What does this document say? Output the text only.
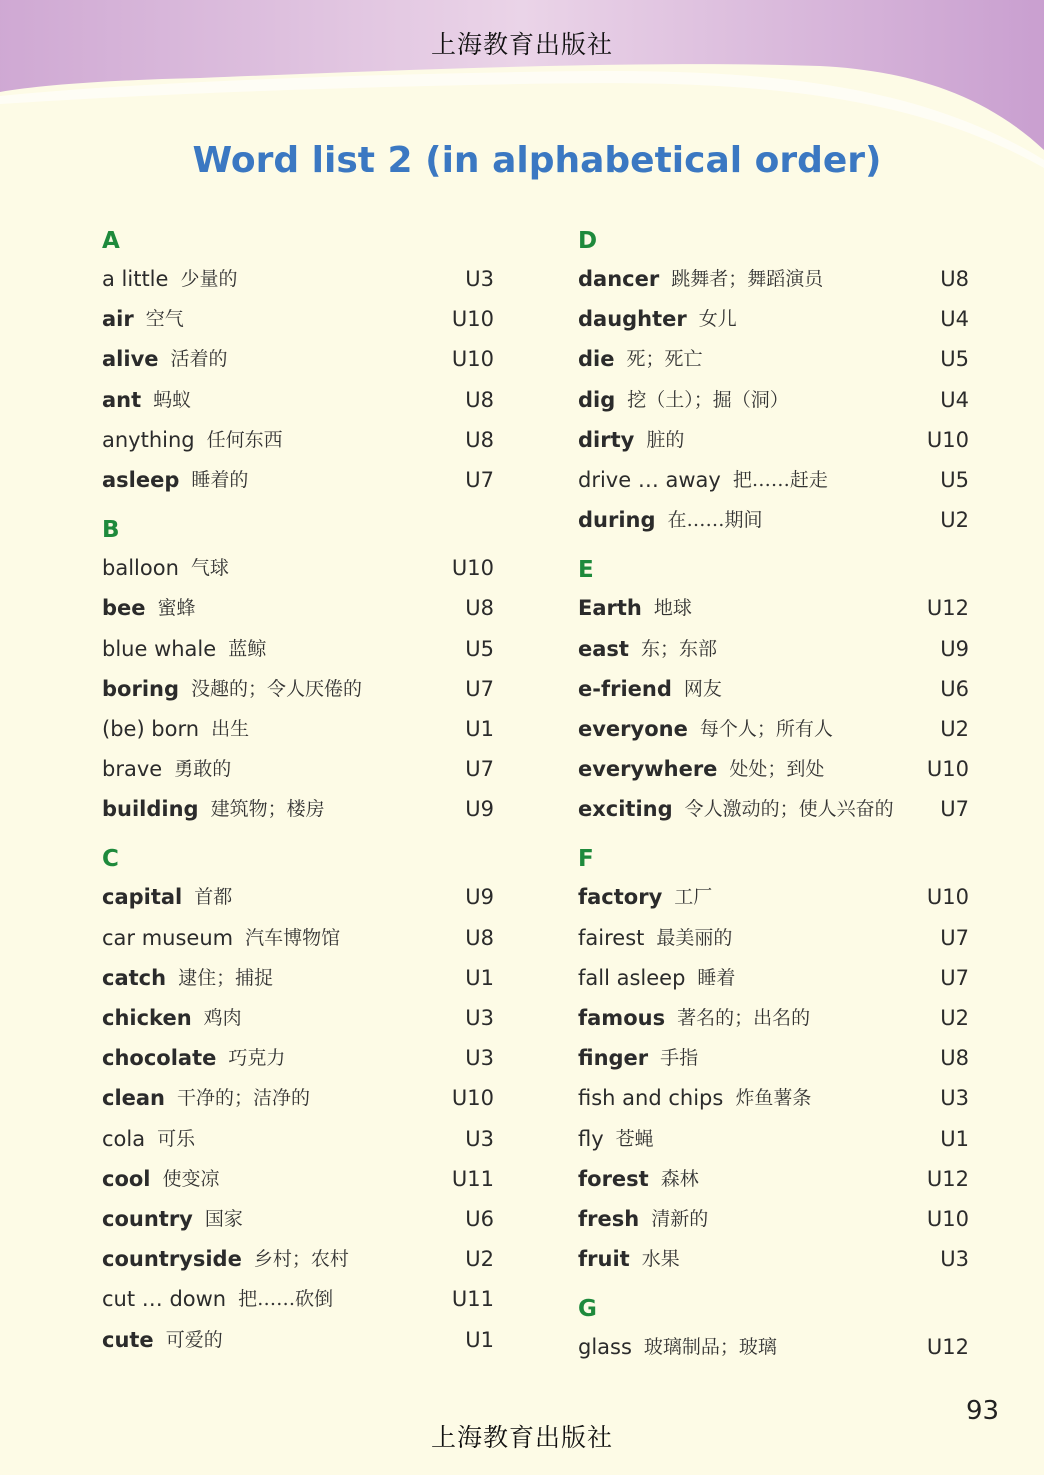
上海教育出版社
Word list 2 (in alphabetical order)
A
a little 少量的	U3
air 空气	U10
alive 活着的	U10
ant 蚂蚁	U8
anything 任何东西	U8
asleep 睡着的	U7
B
balloon 气球	U10
bee 蜜蜂	U8
blue whale 蓝鲸	U5
boring 没趣的；令人厌倦的	U7
(be) born 出生	U1
brave 勇敢的	U7
building 建筑物；楼房	U9
C
capital 首都	U9
car museum 汽车博物馆	U8
catch 逮住；捕捉	U1
chicken 鸡肉	U3
chocolate 巧克力	U3
clean 干净的；洁净的	U10
cola 可乐	U3
cool 使变凉	U11
country 国家	U6
countryside 乡村；农村	U2
cut … down 把……砍倒	U11
cute 可爱的	U1
D
dancer 跳舞者；舞蹈演员	U8
daughter 女儿	U4
die 死；死亡	U5
dig 挖（土）；掘（洞）	U4
dirty 脏的	U10
drive … away 把……赶走	U5
during 在……期间	U2
E
Earth 地球	U12
east 东；东部	U9
e-friend 网友	U6
everyone 每个人；所有人	U2
everywhere 处处；到处	U10
exciting 令人激动的；使人兴奋的 U7
F
factory 工厂	U10
fairest 最美丽的	U7
fall asleep 睡着	U7
famous 著名的；出名的	U2
finger 手指	U8
fish and chips 炸鱼薯条	U3
fly 苍蝇	U1
forest 森林	U12
fresh 清新的	U10
fruit 水果	U3
G
glass 玻璃制品；玻璃	U12
上海教育出版社
93
